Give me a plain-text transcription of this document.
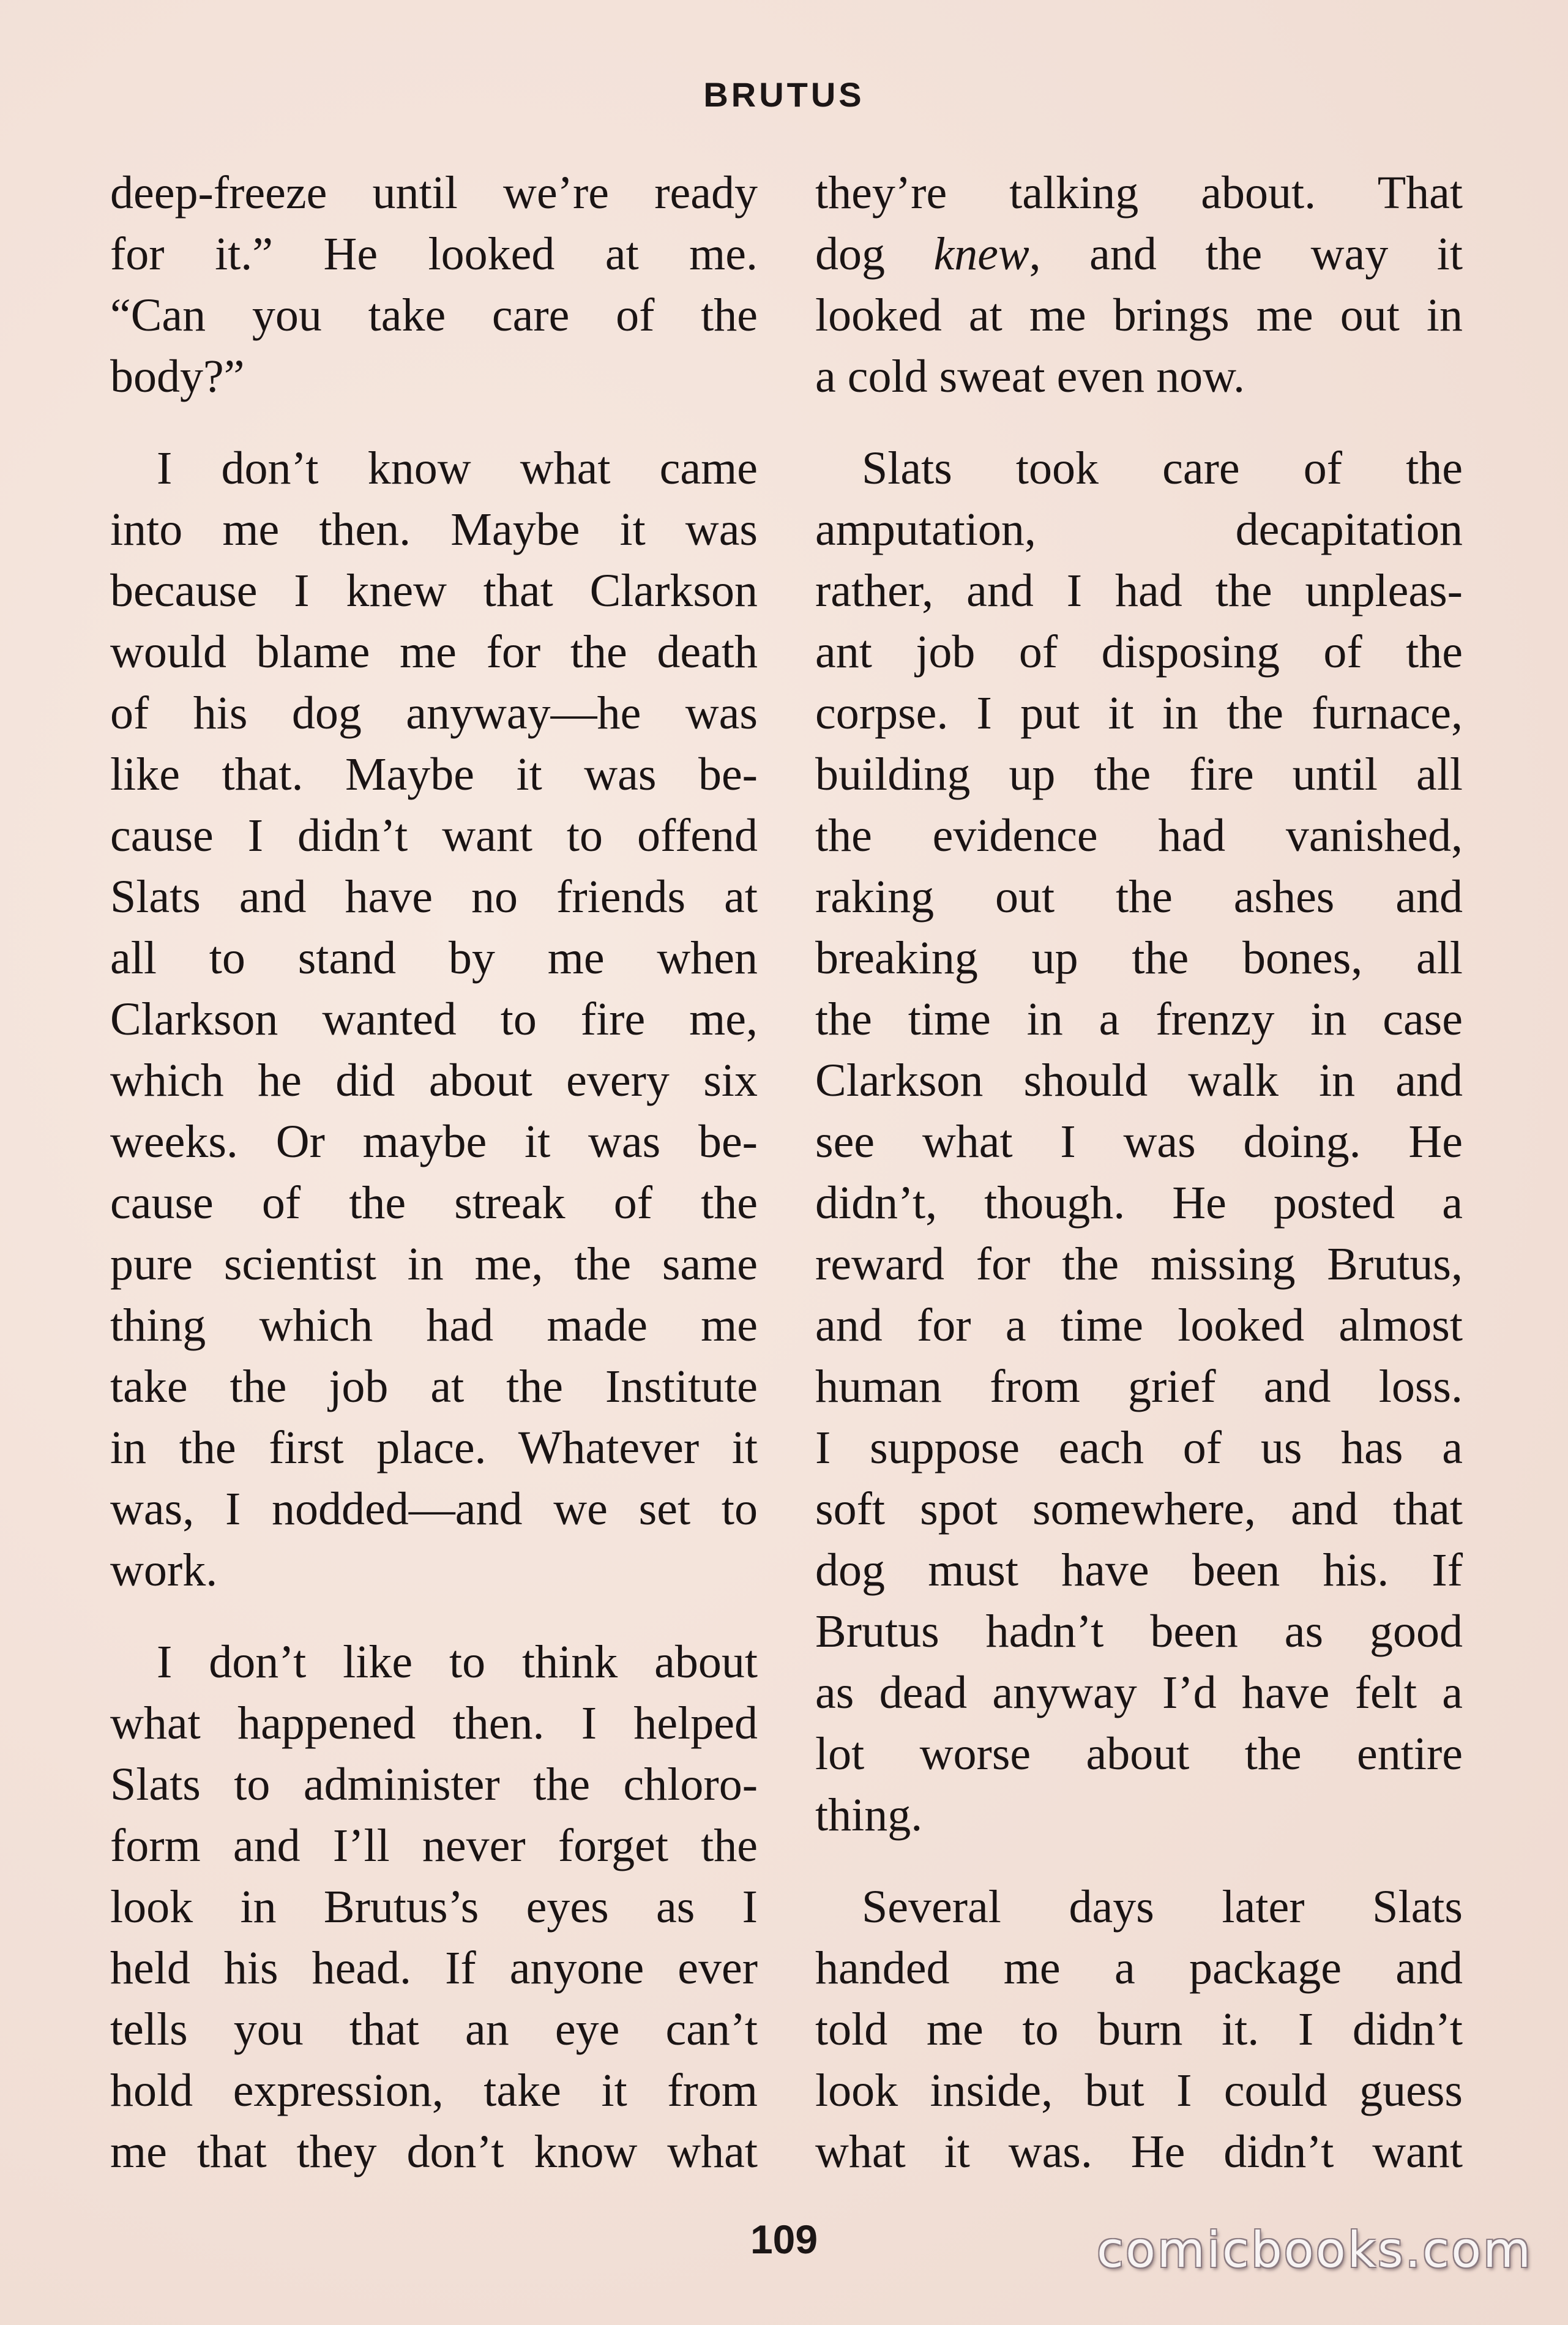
BRUTUS
deep-freeze until we’re ready
for it.” He looked at me.
“Can you take care of the
body?”
I don’t know what came
into me then. Maybe it was
because I knew that Clarkson
would blame me for the death
of his dog anyway—he was
like that. Maybe it was be-
cause I didn’t want to offend
Slats and have no friends at
all to stand by me when
Clarkson wanted to fire me,
which he did about every six
weeks. Or maybe it was be-
cause of the streak of the
pure scientist in me, the same
thing which had made me
take the job at the Institute
in the first place. Whatever it
was, I nodded—and we set to
work.
I don’t like to think about
what happened then. I helped
Slats to administer the chloro-
form and I’ll never forget the
look in Brutus’s eyes as I
held his head. If anyone ever
tells you that an eye can’t
hold expression, take it from
me that they don’t know what
they’re talking about. That
dog knew, and the way it
looked at me brings me out in
a cold sweat even now.
Slats took care of the
amputation, decapitation
rather, and I had the unpleas-
ant job of disposing of the
corpse. I put it in the furnace,
building up the fire until all
the evidence had vanished,
raking out the ashes and
breaking up the bones, all
the time in a frenzy in case
Clarkson should walk in and
see what I was doing. He
didn’t, though. He posted a
reward for the missing Brutus,
and for a time looked almost
human from grief and loss.
I suppose each of us has a
soft spot somewhere, and that
dog must have been his. If
Brutus hadn’t been as good
as dead anyway I’d have felt a
lot worse about the entire
thing.
Several days later Slats
handed me a package and
told me to burn it. I didn’t
look inside, but I could guess
what it was. He didn’t want
109	comicbooks.com
